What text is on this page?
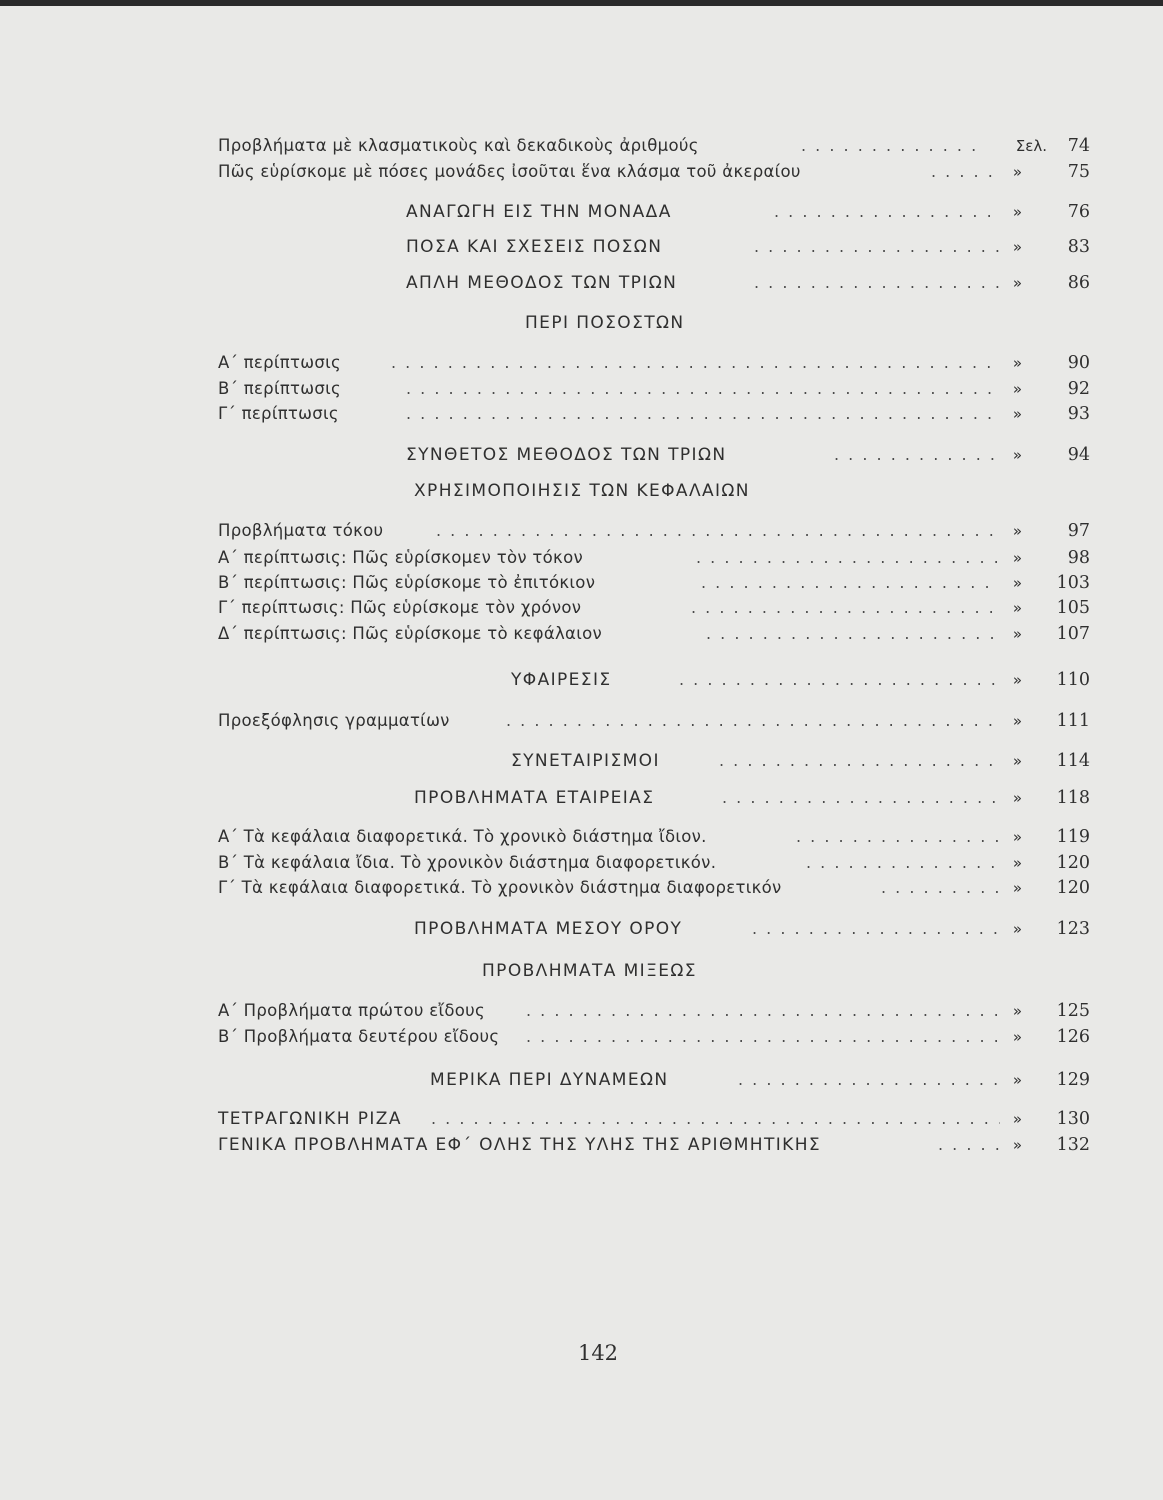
Προβλήματα μὲ κλασματικοὺς καὶ δεκαδικοὺς ἀριθμούς . . .	Σελ.	74
Πῶς εὑρίσκομε μὲ πόσες μονάδες ἰσοῦται ἕνα κλάσμα τοῦ ἀκεραίου . . .	»	75
ΑΝΑΓΩΓΗ ΕΙΣ ΤΗΝ ΜΟΝΑΔΑ . . .	»	76
ΠΟΣΑ ΚΑΙ ΣΧΕΣΕΙΣ ΠΟΣΩΝ . . .	»	83
ΑΠΛΗ ΜΕΘΟΔΟΣ ΤΩΝ ΤΡΙΩΝ . . .	»	86
Α΄ περίπτωσις . . .	»	90
Β΄ περίπτωσις . . .	»	92
Γ΄ περίπτωσις . . .	»	93
ΣΥΝΘΕΤΟΣ ΜΕΘΟΔΟΣ ΤΩΝ ΤΡΙΩΝ . . .	»	94
Προβλήματα τόκου . . .	»	97
Α΄ περίπτωσις: Πῶς εὑρίσκομεν τὸν τόκον . . .	»	98
Β΄ περίπτωσις: Πῶς εὑρίσκομε τὸ ἐπιτόκιον . . .	»	103
Γ΄ περίπτωσις: Πῶς εὑρίσκομε τὸν χρόνον . . .	»	105
Δ΄ περίπτωσις: Πῶς εὑρίσκομε τὸ κεφάλαιον . . .	»	107
ΥΦΑΙΡΕΣΙΣ . . .	»	110
Προεξόφλησις γραμματίων . . .	»	111
ΣΥΝΕΤΑΙΡΙΣΜΟΙ . . .	»	114
ΠΡΟΒΛΗΜΑΤΑ ΕΤΑΙΡΕΙΑΣ . . .	»	118
Α΄ Τὰ κεφάλαια διαφορετικά. Τὸ χρονικὸ διάστημα ἴδιον. . . .	»	119
Β΄ Τὰ κεφάλαια ἴδια. Τὸ χρονικὸν διάστημα διαφορετικόν. . . .	»	120
Γ΄ Τὰ κεφάλαια διαφορετικά. Τὸ χρονικὸν διάστημα διαφορετικόν . . .	»	120
ΠΡΟΒΛΗΜΑΤΑ ΜΕΣΟΥ ΟΡΟΥ . . .	»	123
Α΄ Προβλήματα πρώτου εἴδους . . .	»	125
Β΄ Προβλήματα δευτέρου εἴδους . . .	»	126
ΜΕΡΙΚΑ ΠΕΡΙ ΔΥΝΑΜΕΩΝ . . .	»	129
ΤΕΤΡΑΓΩΝΙΚΗ ΡΙΖΑ . . .	»	130
ΓΕΝΙΚΑ ΠΡΟΒΛΗΜΑΤΑ ΕΦ΄ ΟΛΗΣ ΤΗΣ ΥΛΗΣ ΤΗΣ ΑΡΙΘΜΗΤΙΚΗΣ . . .	»	132
ΠΕΡΙ ΠΟΣΟΣΤΩΝ
ΧΡΗΣΙΜΟΠΟΙΗΣΙΣ ΤΩΝ ΚΕΦΑΛΑΙΩΝ
ΠΡΟΒΛΗΜΑΤΑ ΜΙΞΕΩΣ
142
